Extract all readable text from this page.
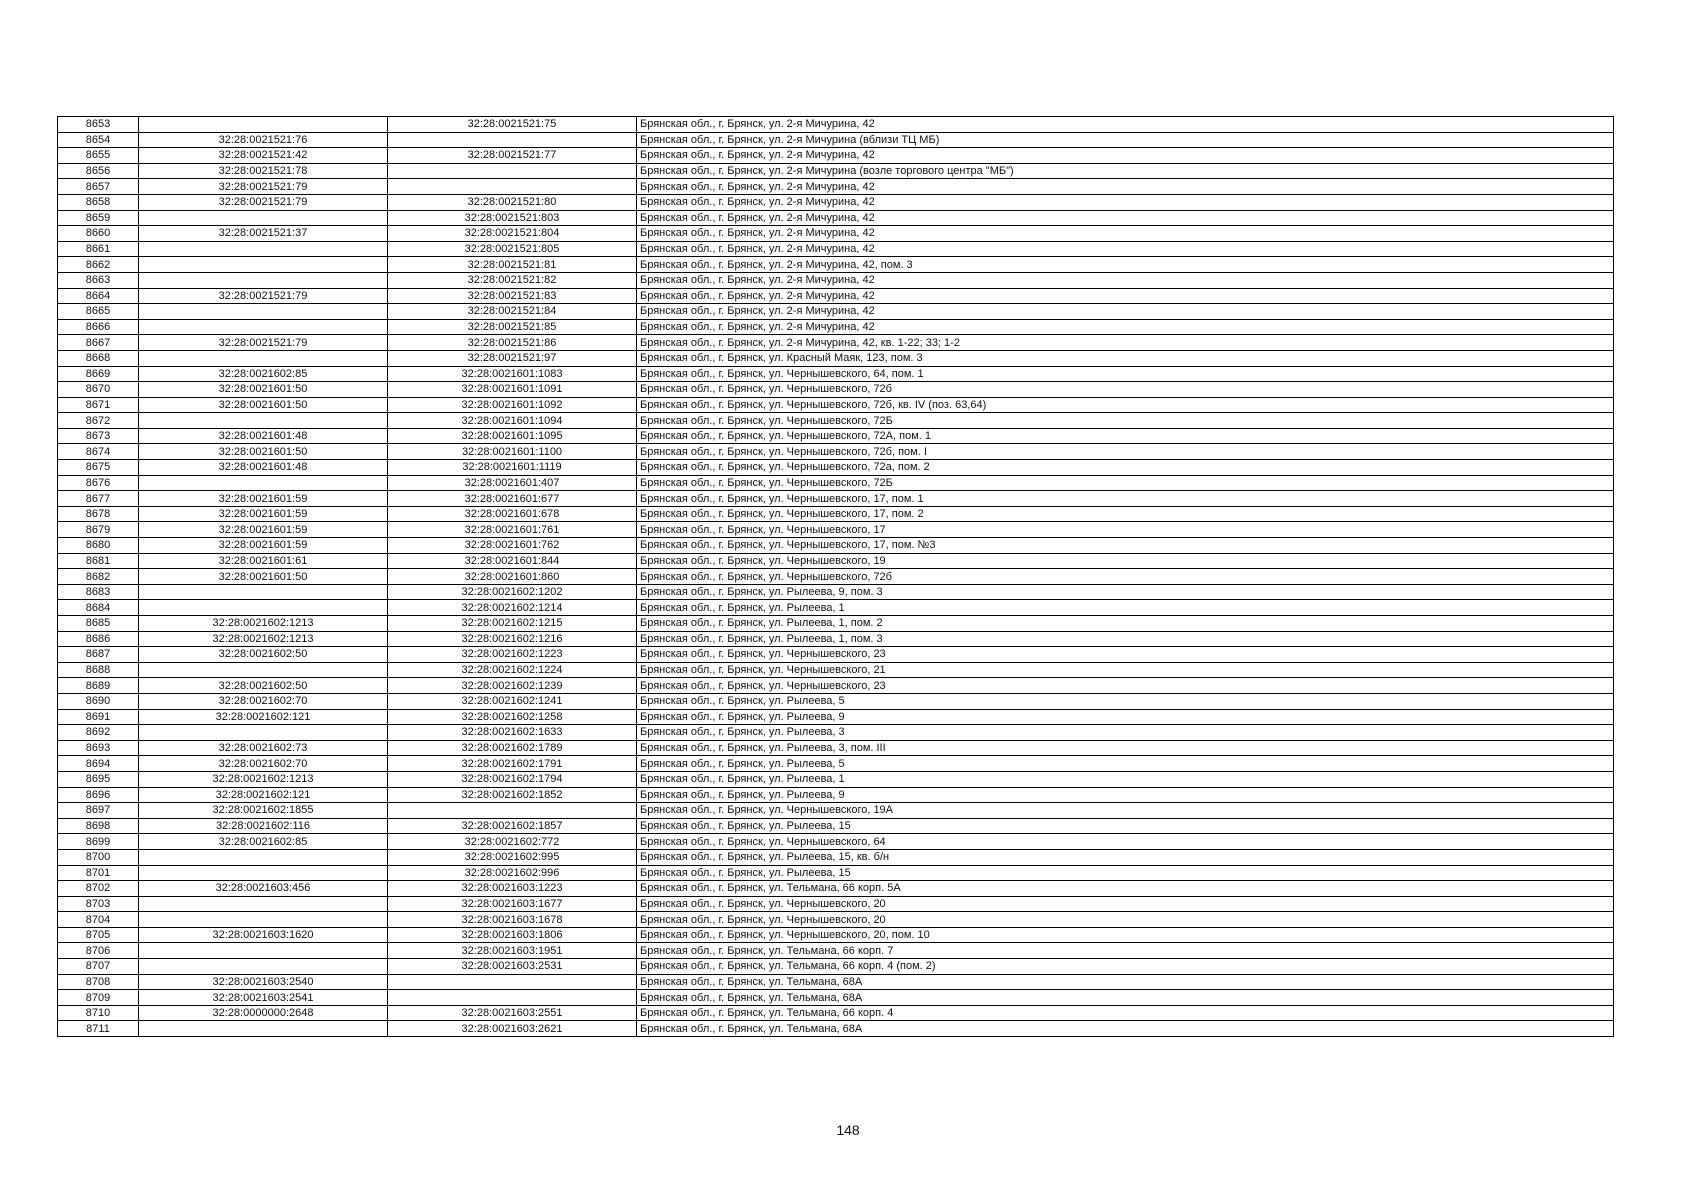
8653		32:28:0021521:75	Брянская обл., г. Брянск, ул. 2-я Мичурина, 42
8654	32:28:0021521:76		Брянская обл., г. Брянск, ул. 2-я Мичурина (вблизи ТЦ МБ)
8655	32:28:0021521:42	32:28:0021521:77	Брянская обл., г. Брянск, ул. 2-я Мичурина, 42
8656	32:28:0021521:78		Брянская обл., г. Брянск, ул. 2-я Мичурина (возле торгового центра "МБ")
8657	32:28:0021521:79		Брянская обл., г. Брянск, ул. 2-я Мичурина, 42
8658	32:28:0021521:79	32:28:0021521:80	Брянская обл., г. Брянск, ул. 2-я Мичурина, 42
8659		32:28:0021521:803	Брянская обл., г. Брянск, ул. 2-я Мичурина, 42
8660	32:28:0021521:37	32:28:0021521:804	Брянская обл., г. Брянск, ул. 2-я Мичурина, 42
8661		32:28:0021521:805	Брянская обл., г. Брянск, ул. 2-я Мичурина, 42
8662		32:28:0021521:81	Брянская обл., г. Брянск, ул. 2-я Мичурина, 42, пом. 3
8663		32:28:0021521:82	Брянская обл., г. Брянск, ул. 2-я Мичурина, 42
8664	32:28:0021521:79	32:28:0021521:83	Брянская обл., г. Брянск, ул. 2-я Мичурина, 42
8665		32:28:0021521:84	Брянская обл., г. Брянск, ул. 2-я Мичурина, 42
8666		32:28:0021521:85	Брянская обл., г. Брянск, ул. 2-я Мичурина, 42
8667	32:28:0021521:79	32:28:0021521:86	Брянская обл., г. Брянск, ул. 2-я Мичурина, 42, кв. 1-22; 33; 1-2
8668		32:28:0021521:97	Брянская обл., г. Брянск, ул. Красный Маяк, 123, пом. 3
8669	32:28:0021602:85	32:28:0021601:1083	Брянская обл., г. Брянск, ул. Чернышевского, 64, пом. 1
8670	32:28:0021601:50	32:28:0021601:1091	Брянская обл., г. Брянск, ул. Чернышевского, 72б
8671	32:28:0021601:50	32:28:0021601:1092	Брянская обл., г. Брянск, ул. Чернышевского, 72б, кв. IV (поз. 63,64)
8672		32:28:0021601:1094	Брянская обл., г. Брянск, ул. Чернышевского, 72Б
8673	32:28:0021601:48	32:28:0021601:1095	Брянская обл., г. Брянск, ул. Чернышевского, 72А, пом. 1
8674	32:28:0021601:50	32:28:0021601:1100	Брянская обл., г. Брянск, ул. Чернышевского, 72б, пом. I
8675	32:28:0021601:48	32:28:0021601:1119	Брянская обл., г. Брянск, ул. Чернышевского, 72а, пом. 2
8676		32:28:0021601:407	Брянская обл., г. Брянск, ул. Чернышевского, 72Б
8677	32:28:0021601:59	32:28:0021601:677	Брянская обл., г. Брянск, ул. Чернышевского, 17, пом. 1
8678	32:28:0021601:59	32:28:0021601:678	Брянская обл., г. Брянск, ул. Чернышевского, 17, пом. 2
8679	32:28:0021601:59	32:28:0021601:761	Брянская обл., г. Брянск, ул. Чернышевского, 17
8680	32:28:0021601:59	32:28:0021601:762	Брянская обл., г. Брянск, ул. Чернышевского, 17, пом. №3
8681	32:28:0021601:61	32:28:0021601:844	Брянская обл., г. Брянск, ул. Чернышевского, 19
8682	32:28:0021601:50	32:28:0021601:860	Брянская обл., г. Брянск, ул. Чернышевского, 72б
8683		32:28:0021602:1202	Брянская обл., г. Брянск, ул. Рылеева, 9, пом. 3
8684		32:28:0021602:1214	Брянская обл., г. Брянск, ул. Рылеева, 1
8685	32:28:0021602:1213	32:28:0021602:1215	Брянская обл., г. Брянск, ул. Рылеева, 1, пом. 2
8686	32:28:0021602:1213	32:28:0021602:1216	Брянская обл., г. Брянск, ул. Рылеева, 1, пом. 3
8687	32:28:0021602:50	32:28:0021602:1223	Брянская обл., г. Брянск, ул. Чернышевского, 23
8688		32:28:0021602:1224	Брянская обл., г. Брянск, ул. Чернышевского, 21
8689	32:28:0021602:50	32:28:0021602:1239	Брянская обл., г. Брянск, ул. Чернышевского, 23
8690	32:28:0021602:70	32:28:0021602:1241	Брянская обл., г. Брянск, ул. Рылеева, 5
8691	32:28:0021602:121	32:28:0021602:1258	Брянская обл., г. Брянск, ул. Рылеева, 9
8692		32:28:0021602:1633	Брянская обл., г. Брянск, ул. Рылеева, 3
8693	32:28:0021602:73	32:28:0021602:1789	Брянская обл., г. Брянск, ул. Рылеева, 3, пом. III
8694	32:28:0021602:70	32:28:0021602:1791	Брянская обл., г. Брянск, ул. Рылеева, 5
8695	32:28:0021602:1213	32:28:0021602:1794	Брянская обл., г. Брянск, ул. Рылеева, 1
8696	32:28:0021602:121	32:28:0021602:1852	Брянская обл., г. Брянск, ул. Рылеева, 9
8697	32:28:0021602:1855		Брянская обл., г. Брянск, ул. Чернышевского, 19А
8698	32:28:0021602:116	32:28:0021602:1857	Брянская обл., г. Брянск, ул. Рылеева, 15
8699	32:28:0021602:85	32:28:0021602:772	Брянская обл., г. Брянск, ул. Чернышевского, 64
8700		32:28:0021602:995	Брянская обл., г. Брянск, ул. Рылеева, 15, кв. б/н
8701		32:28:0021602:996	Брянская обл., г. Брянск, ул. Рылеева, 15
8702	32:28:0021603:456	32:28:0021603:1223	Брянская обл., г. Брянск, ул. Тельмана, 66 корп. 5А
8703		32:28:0021603:1677	Брянская обл., г. Брянск, ул. Чернышевского, 20
8704		32:28:0021603:1678	Брянская обл., г. Брянск, ул. Чернышевского, 20
8705	32:28:0021603:1620	32:28:0021603:1806	Брянская обл., г. Брянск, ул. Чернышевского, 20, пом. 10
8706		32:28:0021603:1951	Брянская обл., г. Брянск, ул. Тельмана, 66 корп. 7
8707		32:28:0021603:2531	Брянская обл., г. Брянск, ул. Тельмана, 66 корп. 4 (пом. 2)
8708	32:28:0021603:2540		Брянская обл., г. Брянск, ул. Тельмана, 68А
8709	32:28:0021603:2541		Брянская обл., г. Брянск, ул. Тельмана, 68А
8710	32:28:0000000:2648	32:28:0021603:2551	Брянская обл., г. Брянск, ул. Тельмана, 66 корп. 4
8711		32:28:0021603:2621	Брянская обл., г. Брянск, ул. Тельмана, 68А
148
